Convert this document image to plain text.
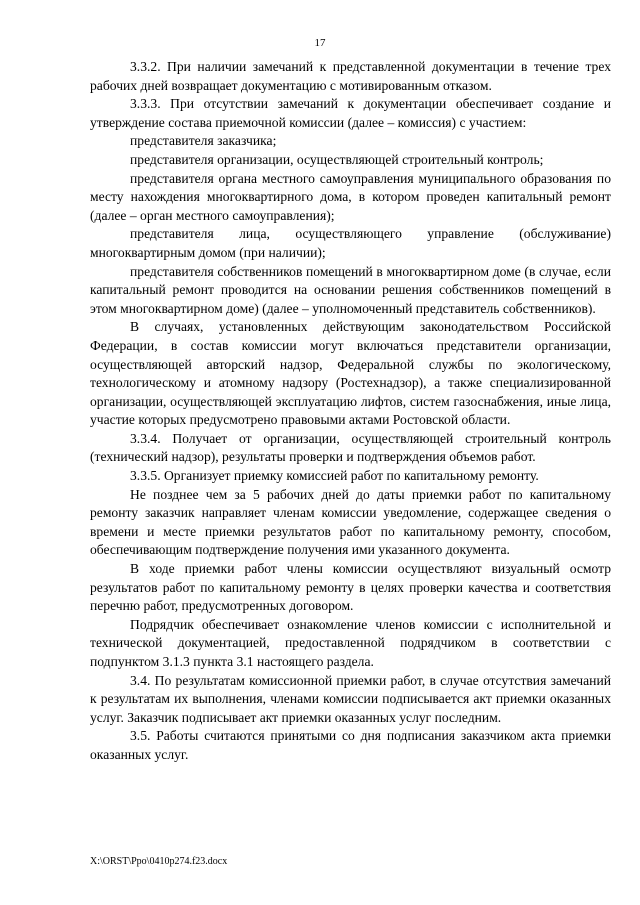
17

3.3.2. При наличии замечаний к представленной документации в течение трех рабочих дней возвращает документацию с мотивированным отказом.

3.3.3. При отсутствии замечаний к документации обеспечивает создание и утверждение состава приемочной комиссии (далее – комиссия) с участием:

представителя заказчика;

представителя организации, осуществляющей строительный контроль;

представителя органа местного самоуправления муниципального образования по месту нахождения многоквартирного дома, в котором проведен капитальный ремонт (далее – орган местного самоуправления);

представителя лица, осуществляющего управление (обслуживание) многоквартирным домом (при наличии);

представителя собственников помещений в многоквартирном доме (в случае, если капитальный ремонт проводится на основании решения собственников помещений в этом многоквартирном доме) (далее – уполномоченный представитель собственников).

В случаях, установленных действующим законодательством Российской Федерации, в состав комиссии могут включаться представители организации, осуществляющей авторский надзор, Федеральной службы по экологическому, технологическому и атомному надзору (Ростехнадзор), а также специализированной организации, осуществляющей эксплуатацию лифтов, систем газоснабжения, иные лица, участие которых предусмотрено правовыми актами Ростовской области.

3.3.4. Получает от организации, осуществляющей строительный контроль (технический надзор), результаты проверки и подтверждения объемов работ.

3.3.5. Организует приемку комиссией работ по капитальному ремонту.

Не позднее чем за 5 рабочих дней до даты приемки работ по капитальному ремонту заказчик направляет членам комиссии уведомление, содержащее сведения о времени и месте приемки результатов работ по капитальному ремонту, способом, обеспечивающим подтверждение получения ими указанного документа.

В ходе приемки работ члены комиссии осуществляют визуальный осмотр результатов работ по капитальному ремонту в целях проверки качества и соответствия перечню работ, предусмотренных договором.

Подрядчик обеспечивает ознакомление членов комиссии с исполнительной и технической документацией, предоставленной подрядчиком в соответствии с подпунктом 3.1.3 пункта 3.1 настоящего раздела.

3.4. По результатам комиссионной приемки работ, в случае отсутствия замечаний к результатам их выполнения, членами комиссии подписывается акт приемки оказанных услуг. Заказчик подписывает акт приемки оказанных услуг последним.

3.5. Работы считаются принятыми со дня подписания заказчиком акта приемки оказанных услуг.

X:\ORST\Ppo\0410p274.f23.docx
